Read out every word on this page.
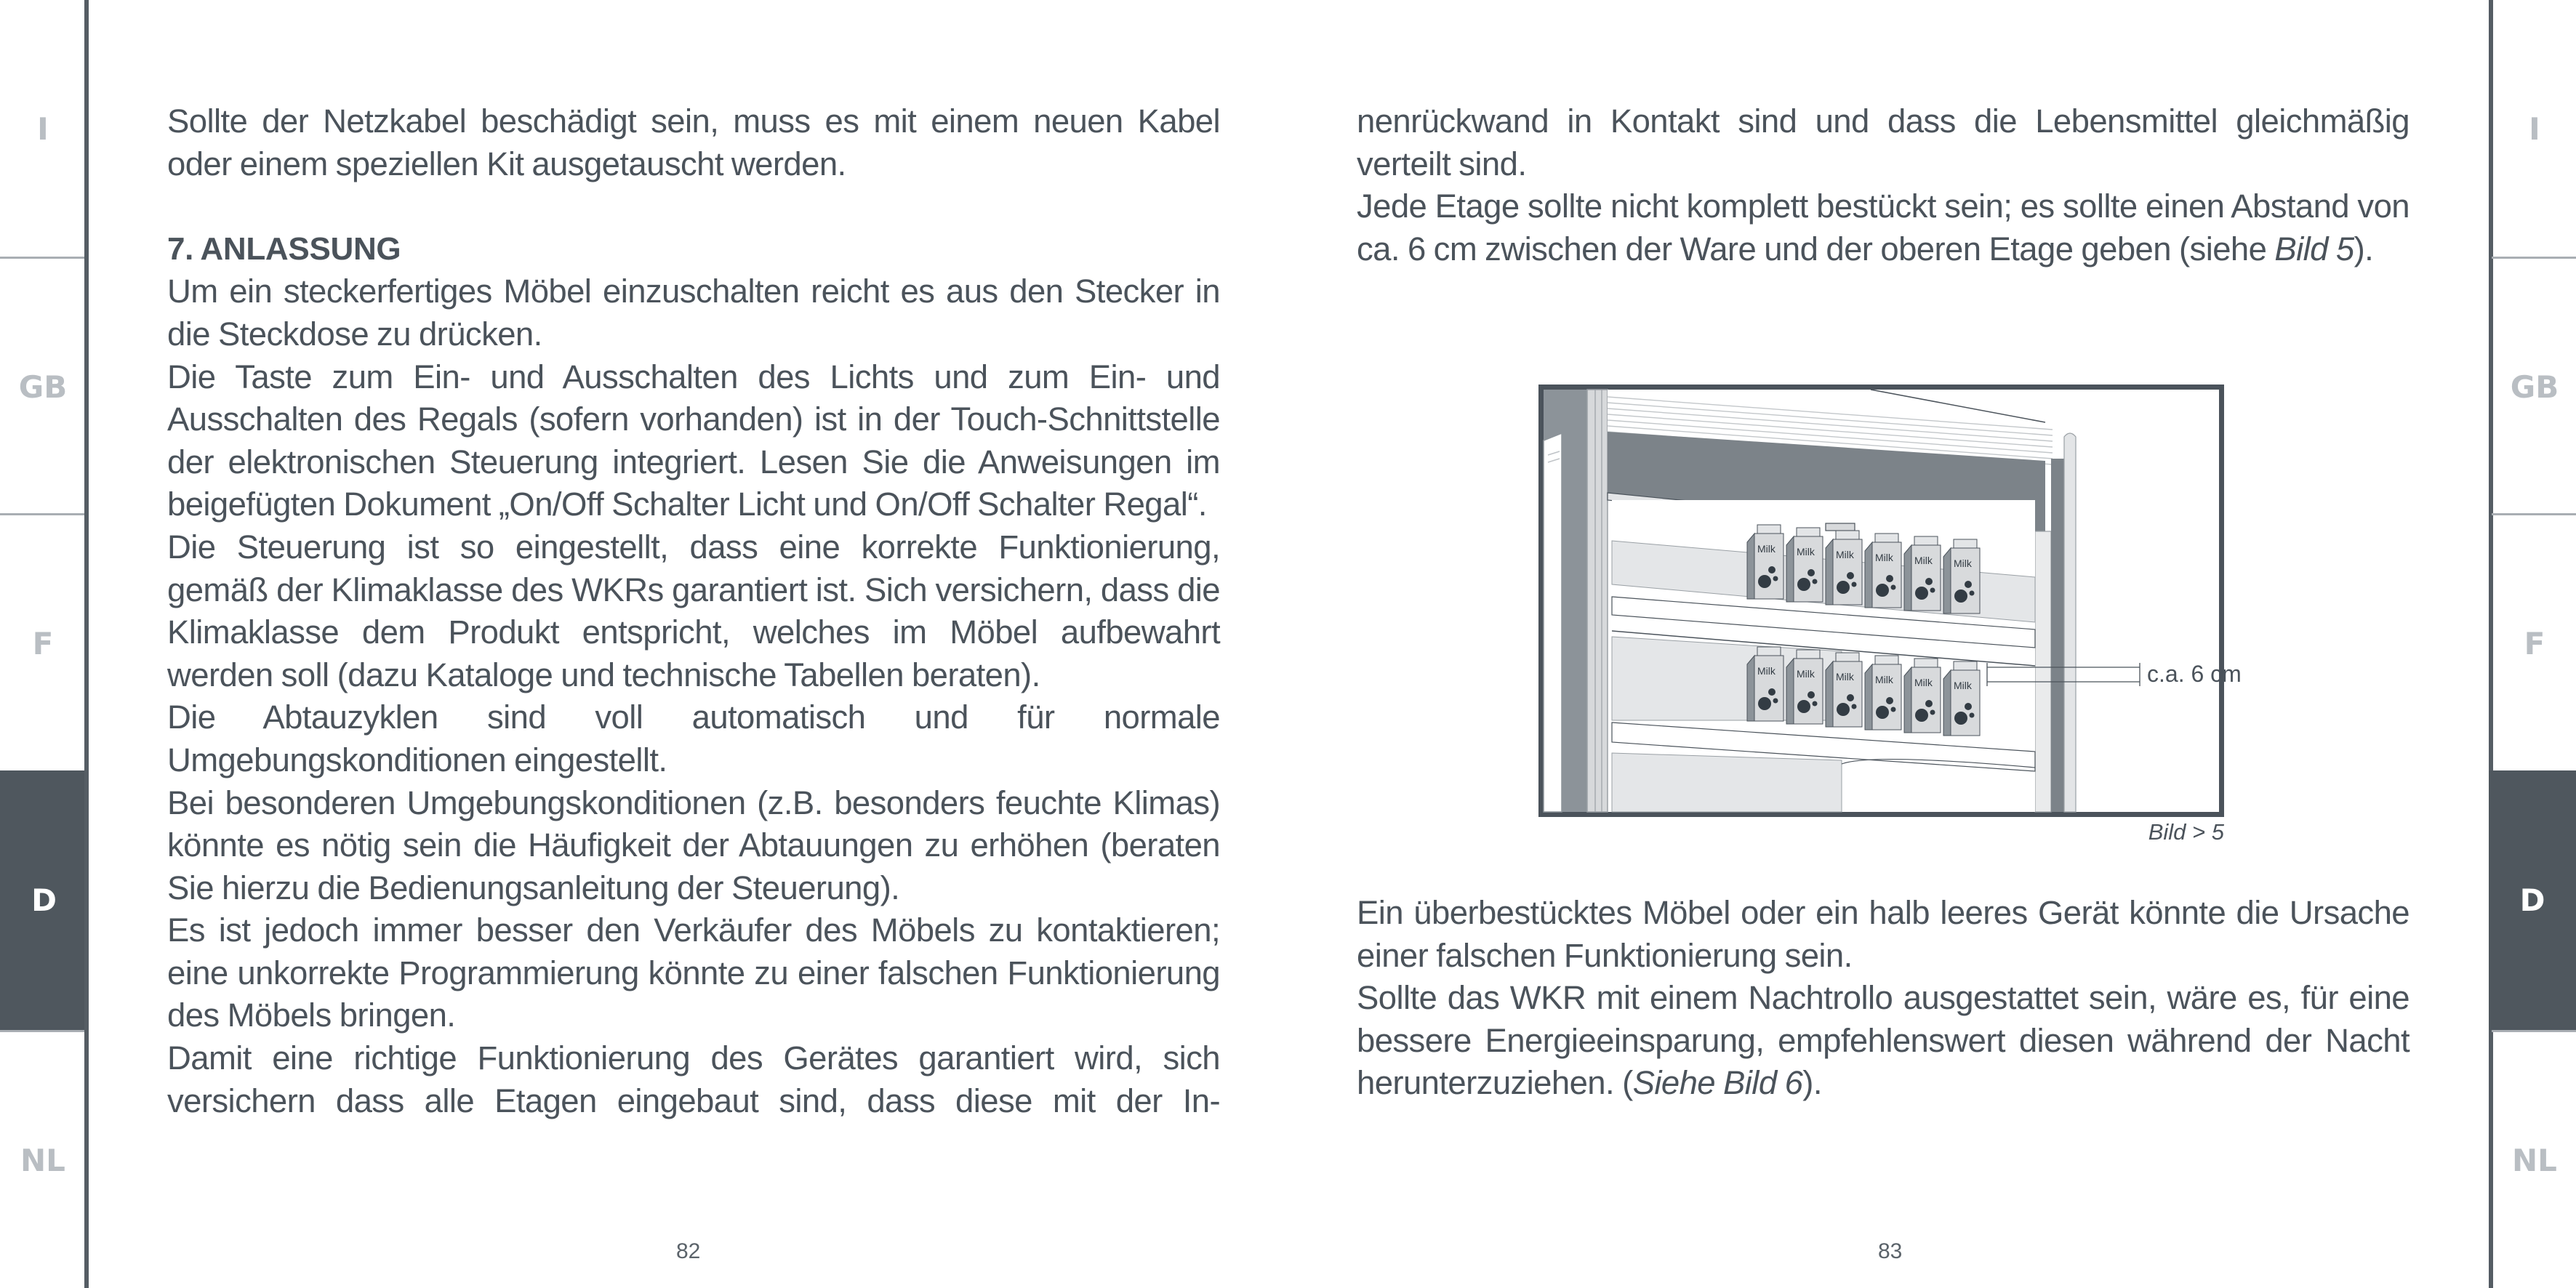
I
GB
F
D
NL
I
GB
F
D
NL

Sollte der Netzkabel beschädigt sein, muss es mit einem neuen Kabel oder einem speziellen Kit ausgetauscht werden.

7. ANLASSUNG

Um ein steckerfertiges Möbel einzuschalten reicht es aus den Stecker in die Steckdose zu drücken.

Die Taste zum Ein- und Ausschalten des Lichts und zum Ein- und Ausschalten des Regals (sofern vorhanden) ist in der Touch-Schnittstelle der elektronischen Steuerung integriert. Lesen Sie die Anweisungen im beigefügten Dokument „On/Off Schalter Licht und On/Off Schalter Regal“.

Die Steuerung ist so eingestellt, dass eine korrekte Funktionierung, gemäß der Klimaklasse des WKRs garantiert ist. Sich versichern, dass die Klimaklasse dem Produkt entspricht, welches im Möbel aufbewahrt werden soll (dazu Kataloge und technische Tabellen beraten).

Die Abtauzyklen sind voll automatisch und für normale Umgebungskonditionen eingestellt.

Bei besonderen Umgebungskonditionen (z.B. besonders feuchte Klimas) könnte es nötig sein die Häufigkeit der Abtauungen zu erhöhen (beraten Sie hierzu die Bedienungsanleitung der Steuerung).

Es ist jedoch immer besser den Verkäufer des Möbels zu kontaktieren; eine unkorrekte Programmierung könnte zu einer falschen Funktionierung des Möbels bringen.

Damit eine richtige Funktionierung des Gerätes garantiert wird, sich versichern dass alle Etagen eingebaut sind, dass diese mit der In-

82

nenrückwand in Kontakt sind und dass die Lebensmittel gleichmäßig verteilt sind.

Jede Etage sollte nicht komplett bestückt sein; es sollte einen Abstand von ca. 6 cm zwischen der Ware und der oberen Etage geben (siehe Bild 5).

Milk Milk Milk Milk Milk Milk
Milk Milk Milk Milk Milk Milk	c.a. 6 cm
Bild > 5

Ein überbestücktes Möbel oder ein halb leeres Gerät könnte die Ursache einer falschen Funktionierung sein.

Sollte das WKR mit einem Nachtrollo ausgestattet sein, wäre es, für eine bessere Energieeinsparung, empfehlenswert diesen während der Nacht herunterzuziehen. (Siehe Bild 6).

83
